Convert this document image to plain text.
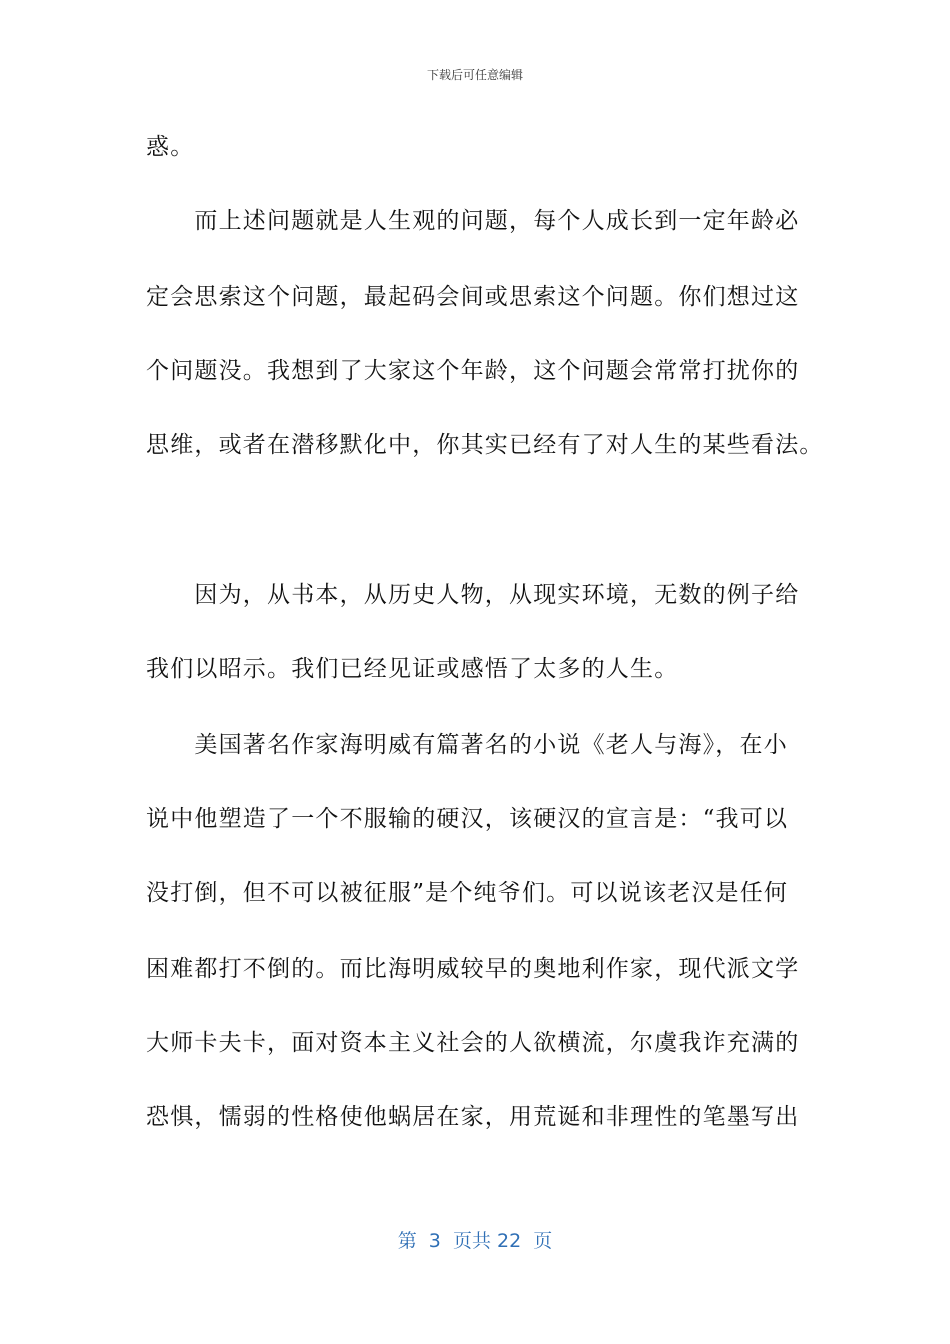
下载后可任意编辑
惑。
　　而上述问题就是人生观的问题，每个人成长到一定年龄必
定会思索这个问题，最起码会间或思索这个问题。你们想过这
个问题没。我想到了大家这个年龄，这个问题会常常打扰你的
思维，或者在潜移默化中，你其实已经有了对人生的某些看法。
　　因为，从书本，从历史人物，从现实环境，无数的例子给
我们以昭示。我们已经见证或感悟了太多的人生。
　　美国著名作家海明威有篇著名的小说《老人与海》，在小
说中他塑造了一个不服输的硬汉，该硬汉的宣言是：“我可以
没打倒，但不可以被征服”是个纯爷们。可以说该老汉是任何
困难都打不倒的。而比海明威较早的奥地利作家，现代派文学
大师卡夫卡，面对资本主义社会的人欲横流，尔虞我诈充满的
恐惧，懦弱的性格使他蜗居在家，用荒诞和非理性的笔墨写出
第  3  页共 22  页
